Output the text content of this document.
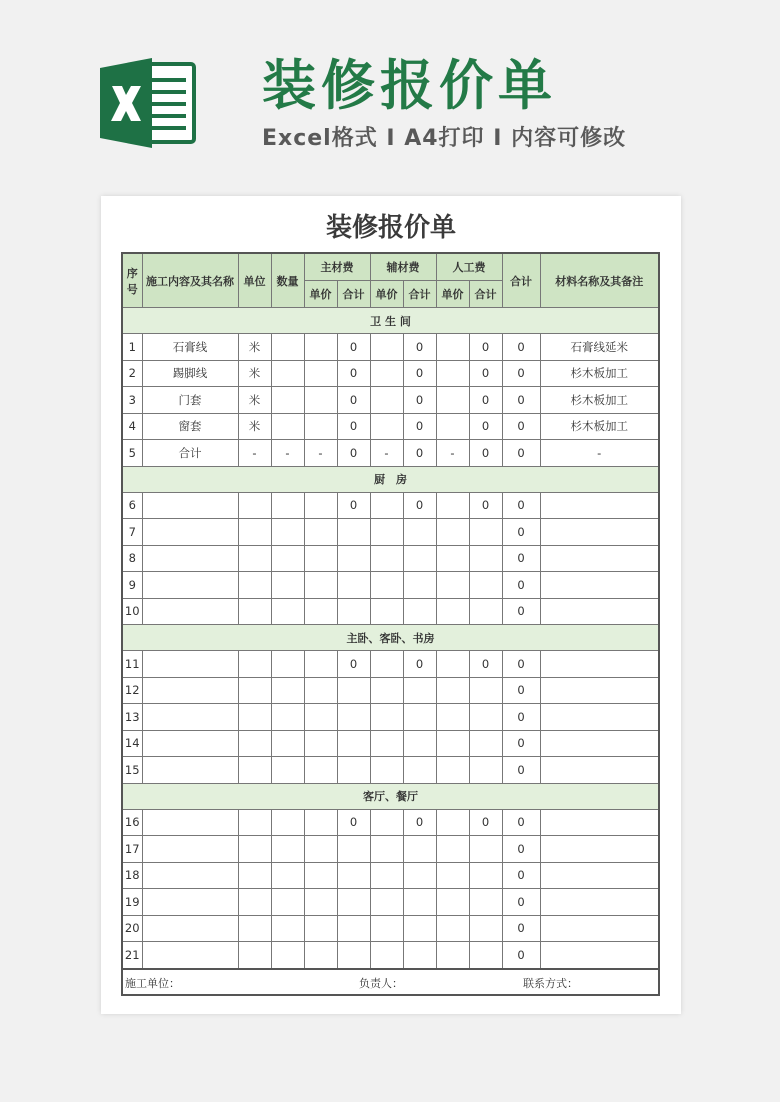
装修报价单

Excel格式 I A4打印 I 内容可修改

装修报价单
序号	施工内容及其名称	单位	数量	主材费		辅材费		人工费		合计	材料名称及其备注
				单价	合计	单价	合计	单价	合计		
卫 生 间											
1	石膏线	米			0		0		0	0	石膏线延米
2	踢脚线	米			0		0		0	0	杉木板加工
3	门套	米			0		0		0	0	杉木板加工
4	窗套	米			0		0		0	0	杉木板加工
5	合计	-	-	-	0	-	0	-	0	0	-
厨　房											
6					0		0		0	0	
7										0	
8										0	
9										0	
10										0	
主卧、客卧、书房											
11					0		0		0	0	
12										0	
13										0	
14										0	
15										0	
客厅、餐厅											
16					0		0		0	0	
17										0	
18										0	
19										0	
20										0	
21										0	

施工单位： 负责人： 联系方式：											
